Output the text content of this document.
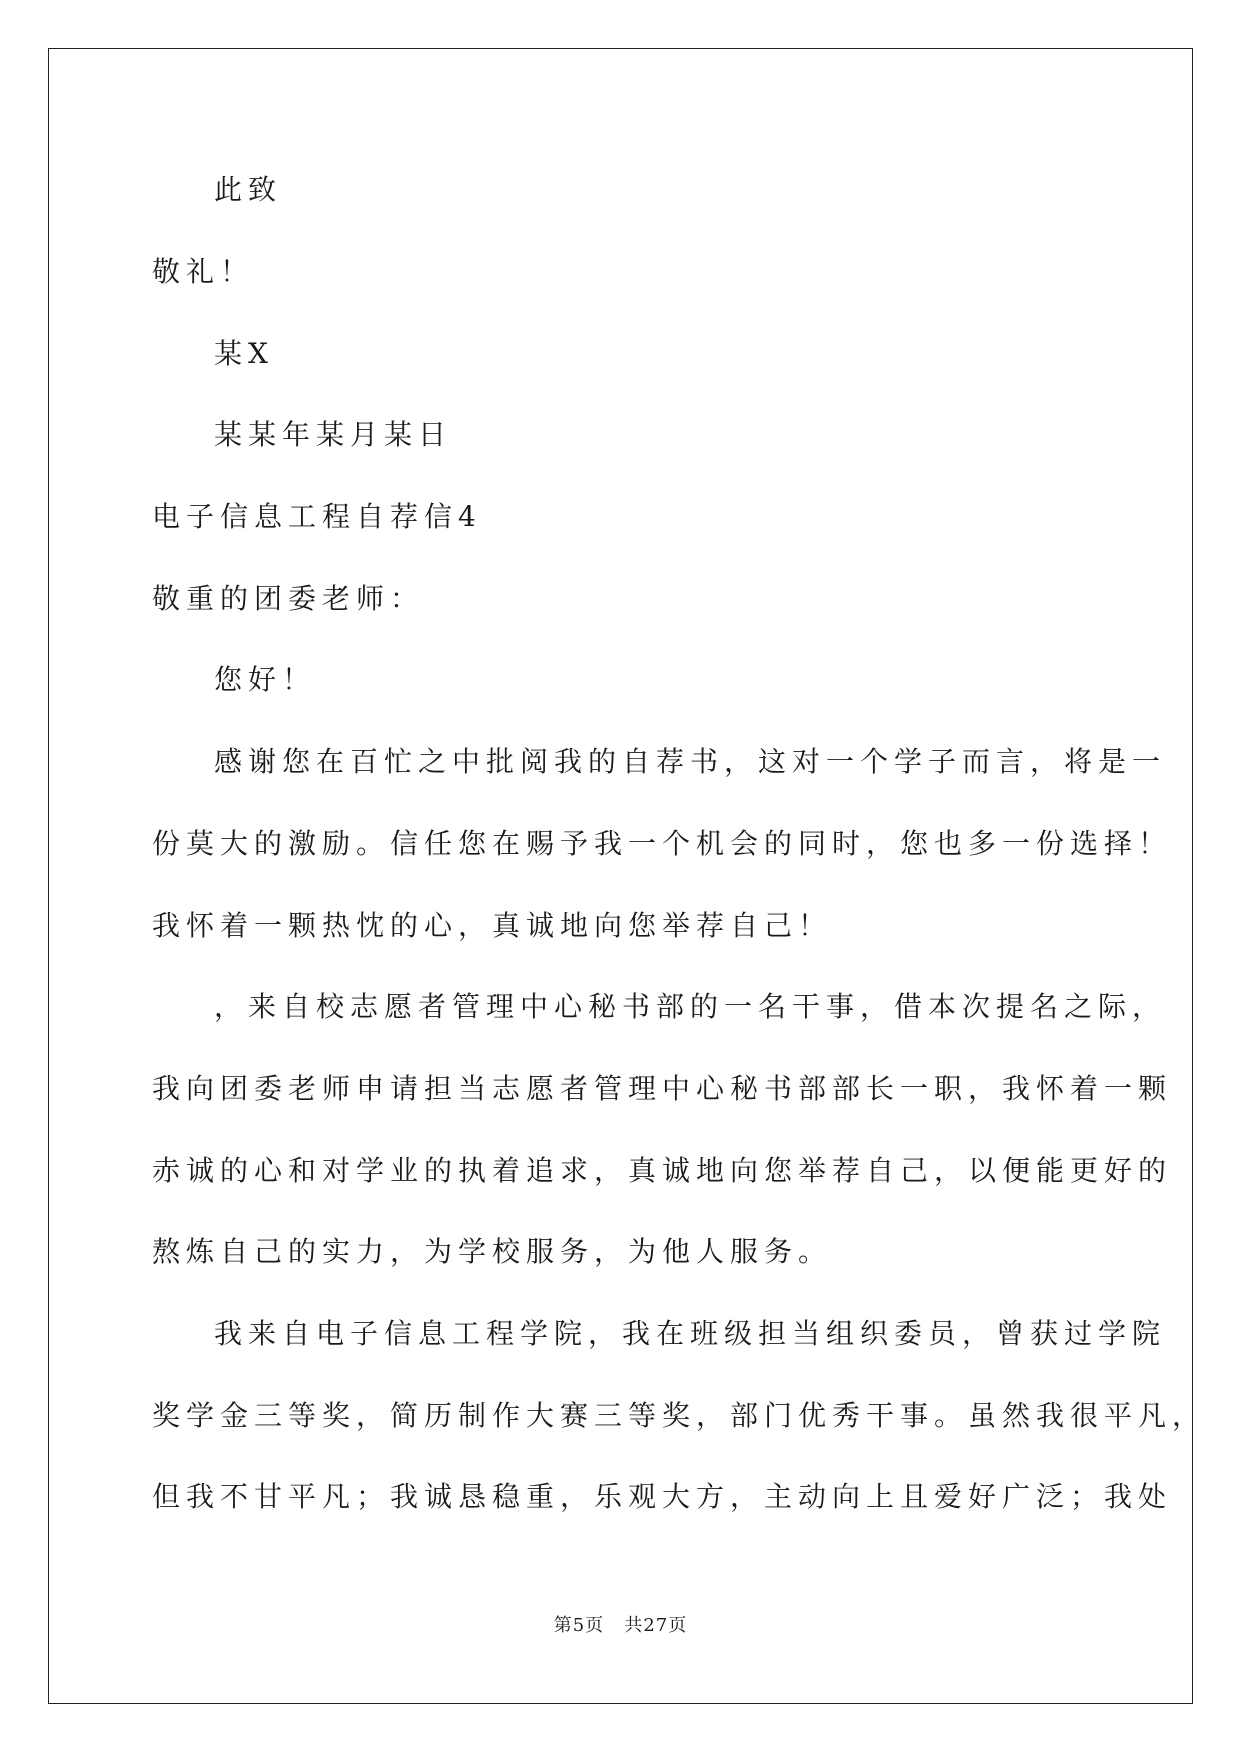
此致
敬礼！
某X
某某年某月某日
电子信息工程自荐信4
敬重的团委老师：
您好！
感谢您在百忙之中批阅我的自荐书，这对一个学子而言，将是一
份莫大的激励。信任您在赐予我一个机会的同时，您也多一份选择！
我怀着一颗热忱的心，真诚地向您举荐自己！
，来自校志愿者管理中心秘书部的一名干事，借本次提名之际，
我向团委老师申请担当志愿者管理中心秘书部部长一职，我怀着一颗
赤诚的心和对学业的执着追求，真诚地向您举荐自己，以便能更好的
熬炼自己的实力，为学校服务，为他人服务。
我来自电子信息工程学院，我在班级担当组织委员，曾获过学院
奖学金三等奖，简历制作大赛三等奖，部门优秀干事。虽然我很平凡，
但我不甘平凡；我诚恳稳重，乐观大方，主动向上且爱好广泛；我处
第5页   共27页
